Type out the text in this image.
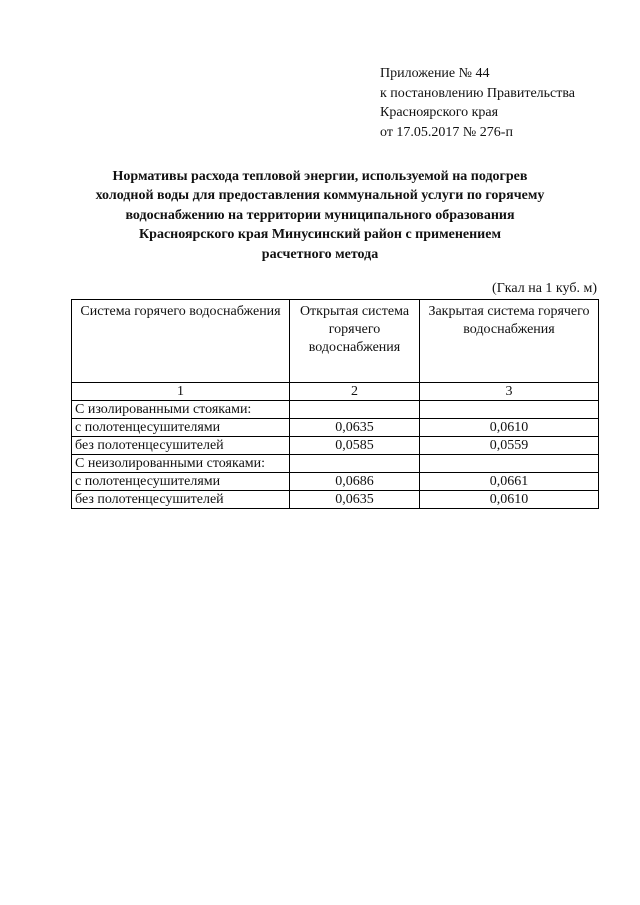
Приложение № 44
к постановлению Правительства
Красноярского края
от 17.05.2017 № 276-п
Нормативы расхода тепловой энергии, используемой на подогрев
холодной воды для предоставления коммунальной услуги по горячему
водоснабжению на территории муниципального образования
Красноярского края Минусинский район с применением
расчетного метода
(Гкал на 1 куб. м)
Система горячего водоснабжения	Открытая система горячего водоснабжения	Закрытая система горячего водоснабжения
1	2	3
С изолированными стояками:		
с полотенцесушителями	0,0635	0,0610
без полотенцесушителей	0,0585	0,0559
С неизолированными стояками:		
с полотенцесушителями	0,0686	0,0661
без полотенцесушителей	0,0635	0,0610
